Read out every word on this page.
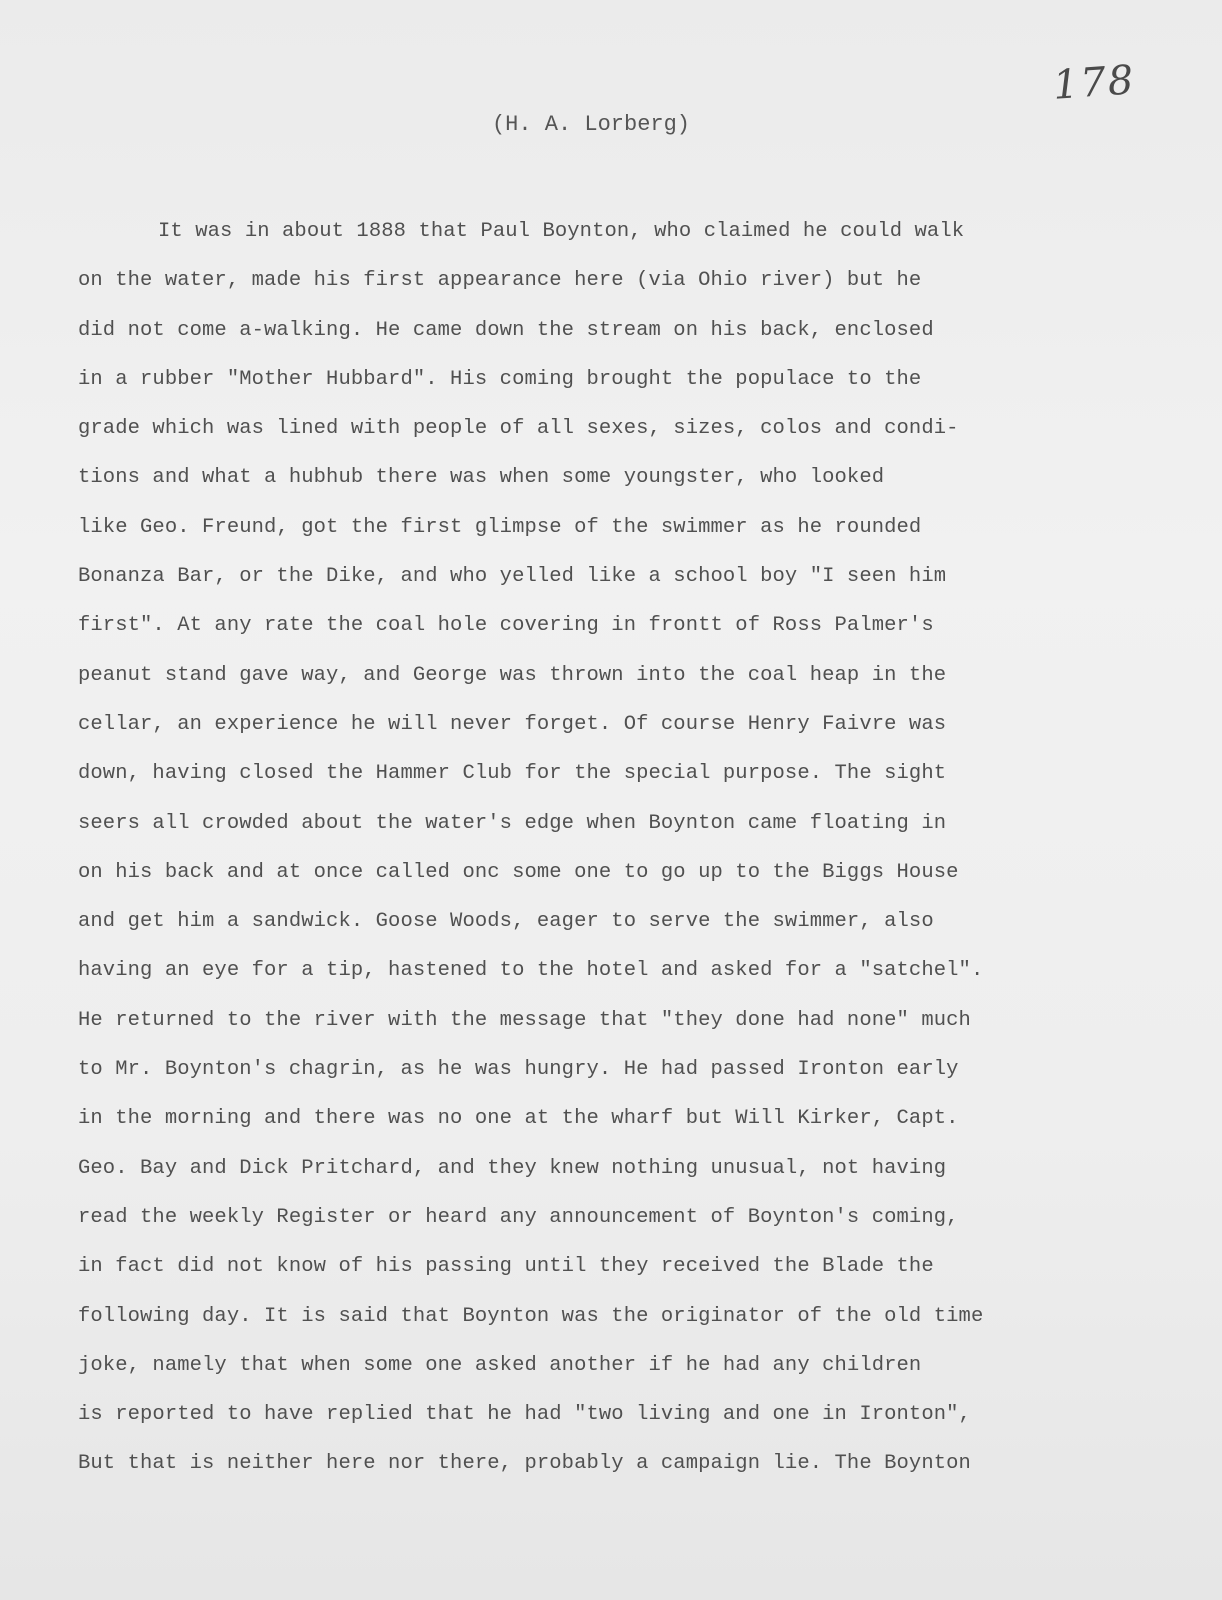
178
(H. A. Lorberg)
It was in about 1888 that Paul Boynton, who claimed he could walk
on the water, made his first appearance here (via Ohio river) but he
did not come a-walking. He came down the stream on his back, enclosed
in a rubber "Mother Hubbard". His coming brought the populace to the
grade which was lined with people of all sexes, sizes, colos and condi-
tions and what a hubhub there was when some youngster, who looked
like Geo. Freund, got the first glimpse of the swimmer as he rounded
Bonanza Bar, or the Dike, and who yelled like a school boy "I seen him
first". At any rate the coal hole covering in frontt of Ross Palmer's
peanut stand gave way, and George was thrown into the coal heap in the
cellar, an experience he will never forget. Of course Henry Faivre was
down, having closed the Hammer Club for the special purpose. The sight
seers all crowded about the water's edge when Boynton came floating in
on his back and at once called onc some one to go up to the Biggs House
and get him a sandwick. Goose Woods, eager to serve the swimmer, also
having an eye for a tip, hastened to the hotel and asked for a "satchel".
He returned to the river with the message that "they done had none" much
to Mr. Boynton's chagrin, as he was hungry. He had passed Ironton early
in the morning and there was no one at the wharf but Will Kirker, Capt.
Geo. Bay and Dick Pritchard, and they knew nothing unusual, not having
read the weekly Register or heard any announcement of Boynton's coming,
in fact did not know of his passing until they received the Blade the
following day. It is said that Boynton was the originator of the old time
joke, namely that when some one asked another if he had any children
is reported to have replied that he had "two living and one in Ironton",
But that is neither here nor there, probably a campaign lie. The Boynton
